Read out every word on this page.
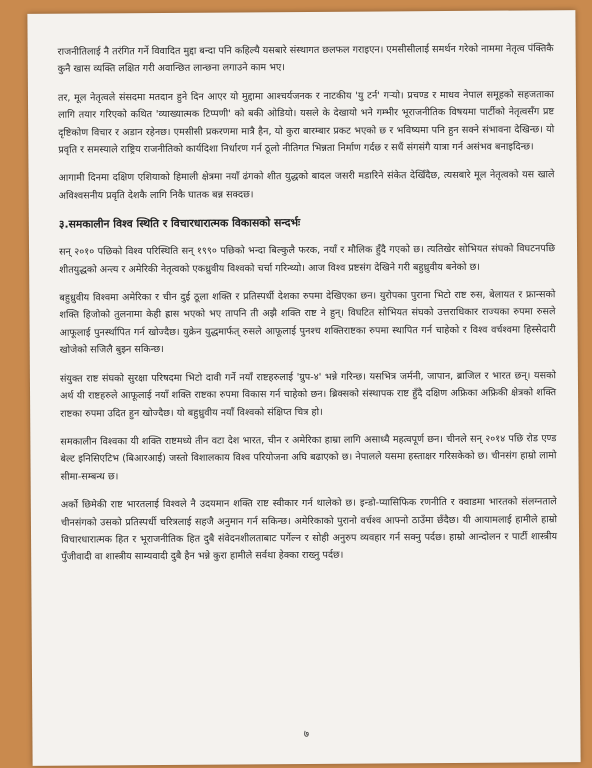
राजनीतिलाई नै तरंगित गर्ने विवादित मुद्दा बन्दा पनि कहिल्यै यसबारे संस्थागत छलफल गराइएन। एमसीसीलाई समर्थन गरेको नाममा नेतृत्व पंक्तिकै कुनै खास व्यक्ति लक्षित गरी अवान्छित लान्छना लगाउने काम भए।

तर, मूल नेतृत्वले संसदमा मतदान हुने दिन आएर यो मुद्दामा आश्चर्यजनक र नाटकीय 'यु टर्न' गर्‍यो। प्रचण्ड र माधव नेपाल समूहको सहजताका लागि तयार गरिएको कथित 'व्याख्यात्मक टिप्पणी' को बकी ओडियो। यसले के देखायो भने गम्भीर भूराजनीतिक विषयमा पार्टीको नेतृत्वसँग प्रष्ट दृष्टिकोण विचार र अडान रहेनछ। एमसीसी प्रकरणमा मात्रै हैन, यो कुरा बारम्बार प्रकट भएको छ र भविष्यमा पनि हुन सक्ने संभावना देखिन्छ। यो प्रवृति र समस्याले राष्ट्रिय राजनीतिको कार्यदिशा निर्धारण गर्न ठूलो नीतिगत भिन्नता निर्माण गर्दछ र सधैं संगसंगै यात्रा गर्न असंभव बनाइदिन्छ।

आगामी दिनमा दक्षिण एशियाको हिमाली क्षेत्रमा नयाँ ढंगको शीत युद्धको बादल जसरी मडारिने संकेत देखिँदैछ, त्यसबारे मूल नेतृत्वको यस खाले अविश्वसनीय प्रवृति देशकै लागि निकै घातक बन्न सक्दछ।

३.समकालीन विश्व स्थिति र विचारधारात्मक विकासको सन्दर्भः

सन् २०१० पछिको विश्व परिस्थिति सन् १९९० पछिको भन्दा बिल्कुलै फरक, नयाँ र मौलिक हुँदै गएको छ। त्यतिखेर सोभियत संघको विघटनपछि शीतयुद्धको अन्त्य र अमेरिकी नेतृत्वको एकध्रुवीय विश्वको चर्चा गरिन्थ्यो। आज विश्व प्रष्टसंग देखिने गरी बहुध्रुवीय बनेको छ।

बहुध्रुवीय विश्वमा अमेरिका र चीन दुई ठूला शक्ति र प्रतिस्पर्धी देशका रुपमा देखिएका छन। युरोपका पुराना भिटो राष्ट रुस, बेलायत र फ्रान्सको शक्ति हिजोको तुलनामा केही ह्रास भएको भए तापनि ती अझै शक्ति राष्ट ने हुन्। विघटित सोभियत संघको उत्तराधिकार राज्यका रुपमा रुसले आफूलाई पुनर्स्थापित गर्न खोज्दैछ। युक्रेन युद्धमार्फत् रुसले आफूलाई पुनश्च शक्तिराष्टका रुपमा स्थापित गर्न चाहेको र विश्व वर्चश्वमा हिस्सेदारी खोजेको सजिलै बुझ्न सकिन्छ।

संयुक्त राष्ट संघको सुरक्षा परिषदमा भिटो दावी गर्ने नयाँ राष्टहरुलाई 'ग्रुप-४' भन्ने गरिन्छ। यसभित्र जर्मनी, जापान, ब्राजिल र भारत छन्। यसको अर्थ यी राष्टहरुले आफूलाई नयाँ शक्ति राष्टका रुपमा विकास गर्न चाहेको छन। ब्रिक्सको संस्थापक राष्ट हुँदै दक्षिण अफ्रिका अफ्रिकी क्षेत्रको शक्ति राष्टका रुपमा उदित हुन खोज्दैछ। यो बहुध्रुवीय नयाँ विश्वको संक्षिप्त चित्र हो।

समकालीन विश्वका यी शक्ति राष्टमध्ये तीन वटा देश भारत, चीन र अमेरिका हाम्रा लागि असाध्यै महत्वपूर्ण छन। चीनले सन् २०१४ पछि रोड एण्ड बेल्ट इनिसिएटिभ (बिआरआई) जस्तो विशालकाय विश्व परियोजना अघि बढाएको छ। नेपालले यसमा हस्ताक्षर गरिसकेको छ। चीनसंग हाम्रो लामो सीमा-सम्बन्ध छ।

अर्को छिमेकी राष्ट भारतलाई विश्वले नै उदयमान शक्ति राष्ट स्वीकार गर्न थालेको छ। इन्डो-प्यासिफिक रणनीति र क्वाडमा भारतको संलग्नताले चीनसंगको उसको प्रतिस्पर्धी चरित्रलाई सहजै अनुमान गर्न सकिन्छ। अमेरिकाको पुरानो वर्चश्व आफ्नो ठाउँमा छँदैछ। यी आयामलाई हामीले हाम्रो विचारधारात्मक हित र भूराजनीतिक हित दुबै संवेदनशीलताबाट पर्गेल्न र सोही अनुरुप व्यवहार गर्न सक्नु पर्दछ। हाम्रो आन्दोलन र पार्टी शास्त्रीय पुँजीवादी वा शास्त्रीय साम्यवादी दुबै हैन भन्ने कुरा हामीले सर्वथा हेक्का राख्नु पर्दछ।

७
